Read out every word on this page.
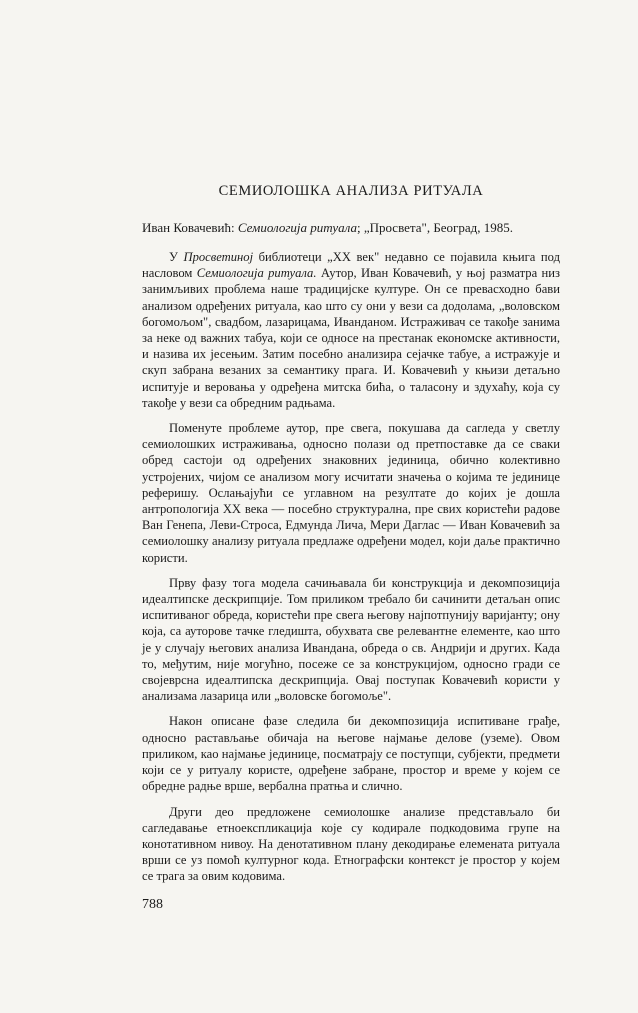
СЕМИОЛОШКА АНАЛИЗА РИТУАЛА

Иван Ковачевић: Семиологија ритуала; „Просвета", Београд, 1985.

У Просветиној библиотеци „XX век" недавно се појавила књига под насловом Семиологија ритуала. Аутор, Иван Ковачевић, у њој разматра низ занимљивих проблема наше традицијске културе. Он се превасходно бави анализом одређених ритуала, као што су они у вези са додолама, „воловском богомољом", свадбом, лазарицама, Иванданом. Истраживач се такође занима за неке од важних табуа, који се односе на престанак економске активности, и назива их јесењим. Затим посебно анализира сејачке табуе, а истражује и скуп забрана везаних за семантику прага. И. Ковачевић у књизи детаљно испитује и веровања у одређена митска бића, о таласону и здухаћу, која су такође у вези са обредним радњама.

Поменуте проблеме аутор, пре свега, покушава да сагледа у светлу семиолошких истраживања, односно полази од претпоставке да се сваки обред састоји од одређених знаковних јединица, обично колективно устројених, чијом се анализом могу исчитати значења о којима те јединице реферишу. Ослањајући се углавном на резултате до којих је дошла антропологија XX века — посебно структурална, пре свих користећи радове Ван Генепа, Леви-Строса, Едмунда Лича, Мери Даглас — Иван Ковачевић за семиолошку анализу ритуала предлаже одређени модел, који даље практично користи.

Прву фазу тога модела сачињавала би конструкција и декомпозиција идеалтипске дескрипције. Том приликом требало би сачинити детаљан опис испитиваног обреда, користећи пре свега његову најпотпунију варијанту; ону која, са ауторове тачке гледишта, обухвата све релевантне елементе, као што је у случају његових анализа Ивандана, обреда о св. Андрији и других. Када то, међутим, није могућно, посеже се за конструкцијом, односно гради се својеврсна идеалтипска дескрипција. Овај поступак Ковачевић користи у анализама лазарица или „воловске богомоље".

Након описане фазе следила би декомпозиција испитиване грађе, односно растављање обичаја на његове најмање делове (уземе). Овом приликом, као најмање јединице, посматрају се поступци, субјекти, предмети који се у ритуалу користе, одређене забране, простор и време у којем се обредне радње врше, вербална пратња и слично.

Други део предложене семиолошке анализе представљало би сагледавање етноекспликација које су кодирале подкодовима групе на конотативном нивоу. На денотативном плану декодирање елемената ритуала врши се уз помоћ културног кода. Етнографски контекст је простор у којем се трага за овим кодовима.

788
